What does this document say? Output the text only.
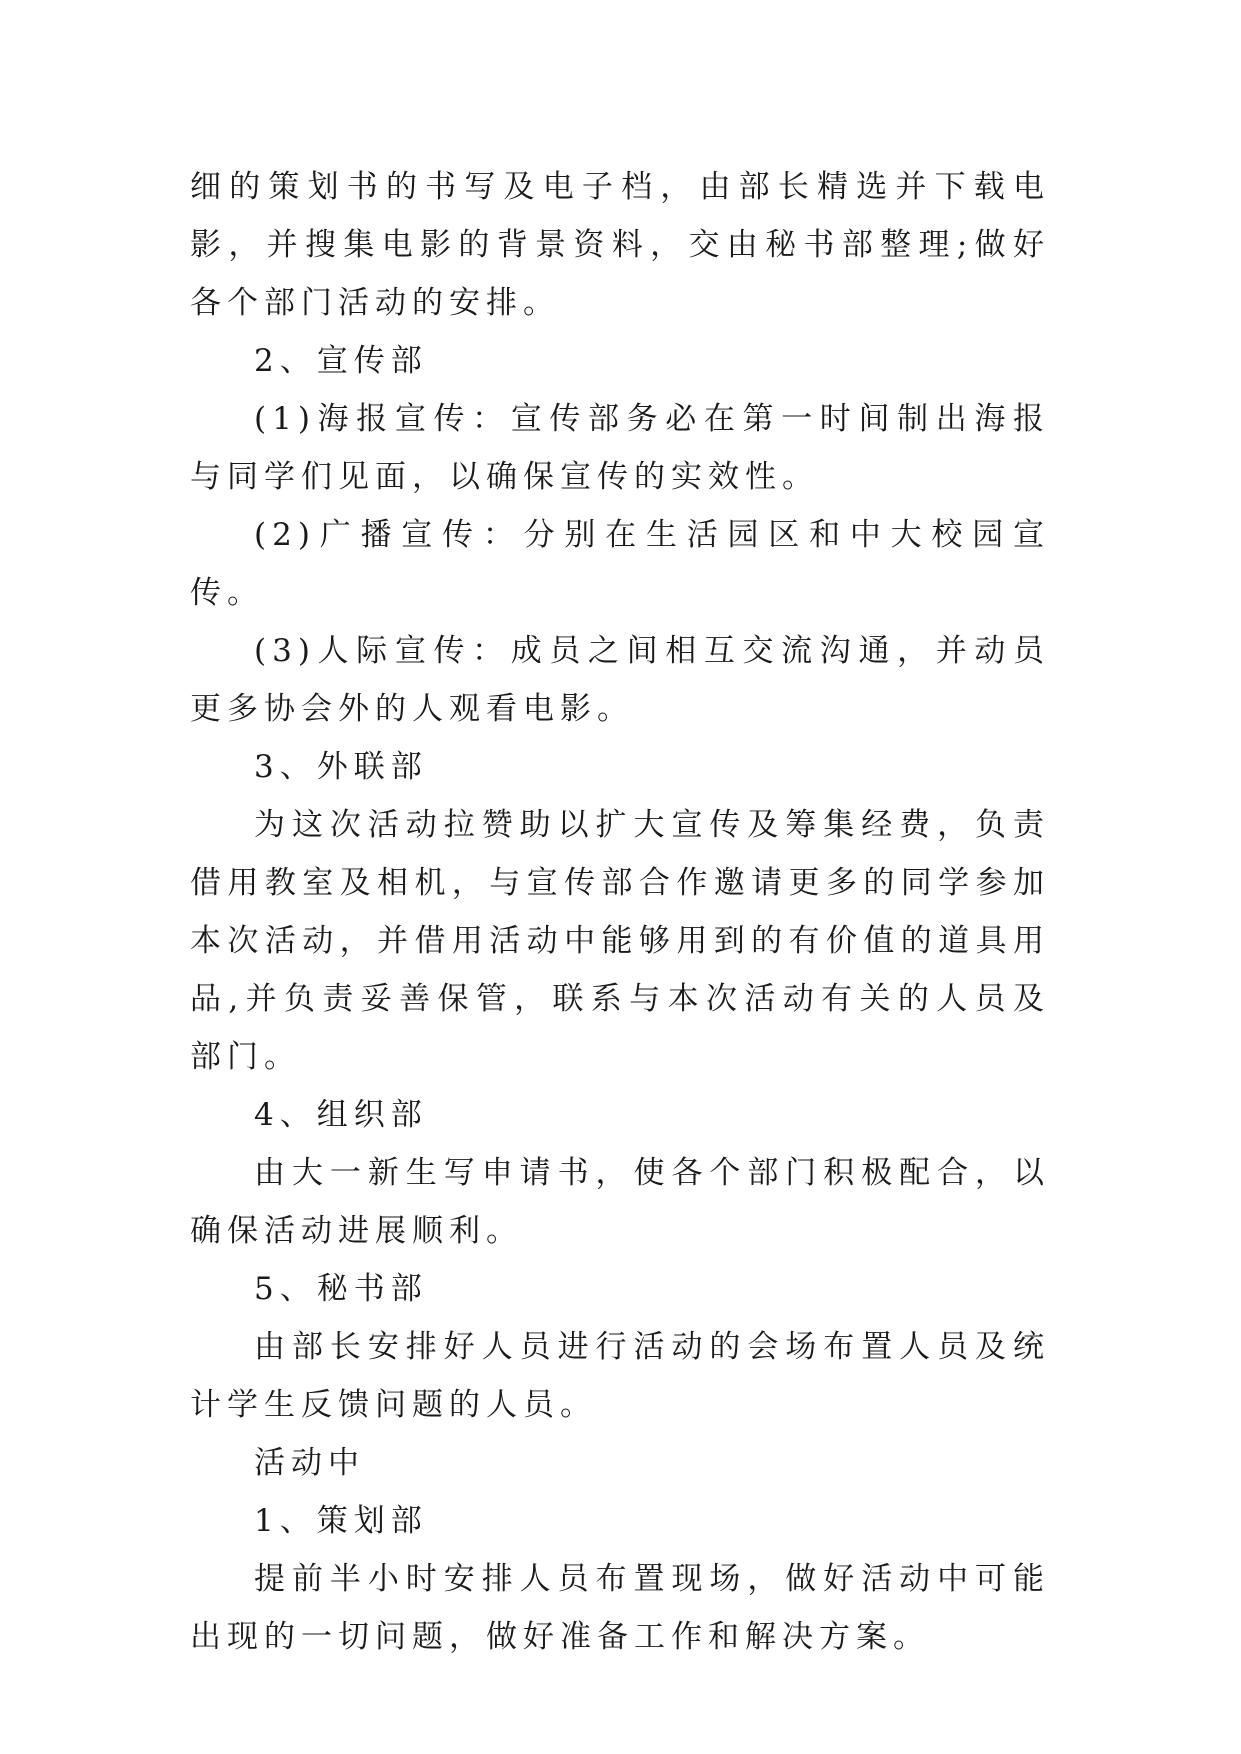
细的策划书的书写及电子档，由部长精选并下载电影，并搜集电影的背景资料，交由秘书部整理;做好各个部门活动的安排。

2、宣传部

(1)海报宣传：宣传部务必在第一时间制出海报与同学们见面，以确保宣传的实效性。

(2)广播宣传：分别在生活园区和中大校园宣传。

(3)人际宣传：成员之间相互交流沟通，并动员更多协会外的人观看电影。

3、外联部

为这次活动拉赞助以扩大宣传及筹集经费，负责借用教室及相机，与宣传部合作邀请更多的同学参加本次活动，并借用活动中能够用到的有价值的道具用品,并负责妥善保管，联系与本次活动有关的人员及部门。

4、组织部

由大一新生写申请书，使各个部门积极配合，以确保活动进展顺利。

5、秘书部

由部长安排好人员进行活动的会场布置人员及统计学生反馈问题的人员。

活动中

1、策划部

提前半小时安排人员布置现场，做好活动中可能出现的一切问题，做好准备工作和解决方案。
